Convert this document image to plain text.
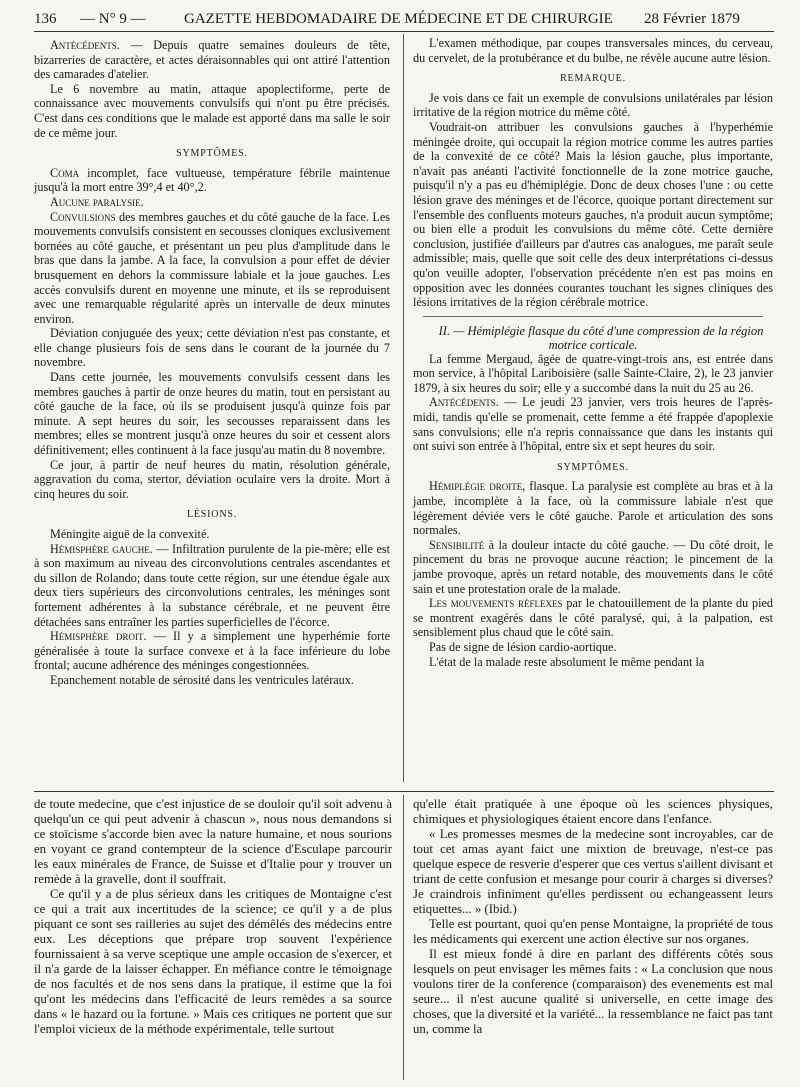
136 — N° 9 —	GAZETTE HEBDOMADAIRE DE MÉDECINE ET DE CHIRURGIE 28 Février 1879

Antécédents. — Depuis quatre semaines douleurs de tête, bizarreries de caractère, et actes déraisonnables qui ont attiré l'attention des camarades d'atelier.

Le 6 novembre au matin, attaque apoplectiforme, perte de connaissance avec mouvements convulsifs qui n'ont pu être précisés. C'est dans ces conditions que le malade est apporté dans ma salle le soir de ce même jour.

SYMPTÔMES.

Coma incomplet, face vultueuse, température fébrile maintenue jusqu'à la mort entre 39°,4 et 40°,2.

Aucune paralysie.

Convulsions des membres gauches et du côté gauche de la face. Les mouvements convulsifs consistent en secousses cloniques exclusivement bornées au côté gauche, et présentant un peu plus d'amplitude dans le bras que dans la jambe. A la face, la convulsion a pour effet de dévier brusquement en dehors la commissure labiale et la joue gauches. Les accès convulsifs durent en moyenne une minute, et ils se reproduisent avec une remarquable régularité après un intervalle de deux minutes environ.

Déviation conjuguée des yeux; cette déviation n'est pas constante, et elle change plusieurs fois de sens dans le courant de la journée du 7 novembre.

Dans cette journée, les mouvements convulsifs cessent dans les membres gauches à partir de onze heures du matin, tout en persistant au côté gauche de la face, où ils se produisent jusqu'à quinze fois par minute. A sept heures du soir, les secousses reparaissent dans les membres; elles se montrent jusqu'à onze heures du soir et cessent alors définitivement; elles continuent à la face jusqu'au matin du 8 novembre.

Ce jour, à partir de neuf heures du matin, résolution générale, aggravation du coma, stertor, déviation oculaire vers la droite. Mort à cinq heures du soir.

LÉSIONS.

Méningite aiguë de la convexité.

Hémisphère gauche. — Infiltration purulente de la pie-mère; elle est à son maximum au niveau des circonvolutions centrales ascendantes et du sillon de Rolando; dans toute cette région, sur une étendue égale aux deux tiers supérieurs des circonvolutions centrales, les méninges sont fortement adhérentes à la substance cérébrale, et ne peuvent être détachées sans entraîner les parties superficielles de l'écorce.

Hémisphère droit. — Il y a simplement une hyperhémie forte généralisée à toute la surface convexe et à la face inférieure du lobe frontal; aucune adhérence des méninges congestionnées.

Epanchement notable de sérosité dans les ventricules latéraux.

L'examen méthodique, par coupes transversales minces, du cerveau, du cervelet, de la protubérance et du bulbe, ne révèle aucune autre lésion.

REMARQUE.

Je vois dans ce fait un exemple de convulsions unilatérales par lésion irritative de la région motrice du même côté.

Voudrait-on attribuer les convulsions gauches à l'hyperhémie méningée droite, qui occupait la région motrice comme les autres parties de la convexité de ce côté? Mais la lésion gauche, plus importante, n'avait pas anéanti l'activité fonctionnelle de la zone motrice gauche, puisqu'il n'y a pas eu d'hémiplégie. Donc de deux choses l'une : ou cette lésion grave des méninges et de l'écorce, quoique portant directement sur l'ensemble des confluents moteurs gauches, n'a produit aucun symptôme; ou bien elle a produit les convulsions du même côté. Cette dernière conclusion, justifiée d'ailleurs par d'autres cas analogues, me paraît seule admissible; mais, quelle que soit celle des deux interprétations ci-dessus qu'on veuille adopter, l'observation précédente n'en est pas moins en opposition avec les données courantes touchant les signes cliniques des lésions irritatives de la région cérébrale motrice.

II. — Hémiplégie flasque du côté d'une compression de la région motrice corticale.

La femme Mergaud, âgée de quatre-vingt-trois ans, est entrée dans mon service, à l'hôpital Lariboisière (salle Sainte-Claire, 2), le 23 janvier 1879, à six heures du soir; elle y a succombé dans la nuit du 25 au 26.

Antécédents. — Le jeudi 23 janvier, vers trois heures de l'après-midi, tandis qu'elle se promenait, cette femme a été frappée d'apoplexie sans convulsions; elle n'a repris connaissance que dans les instants qui ont suivi son entrée à l'hôpital, entre six et sept heures du soir.

SYMPTÔMES.

Hémiplégie droite, flasque. La paralysie est complète au bras et à la jambe, incomplète à la face, où la commissure labiale n'est que légèrement déviée vers le côté gauche. Parole et articulation des sons normales.

Sensibilité à la douleur intacte du côté gauche. — Du côté droit, le pincement du bras ne provoque aucune réaction; le pincement de la jambe provoque, après un retard notable, des mouvements dans le côté sain et une protestation orale de la malade.

Les mouvements réflexes par le chatouillement de la plante du pied se montrent exagérés dans le côté paralysé, qui, à la palpation, est sensiblement plus chaud que le côté sain.

Pas de signe de lésion cardio-aortique.

L'état de la malade reste absolument le même pendant la

de toute medecine, que c'est injustice de se douloir qu'il soit advenu à quelqu'un ce qui peut advenir à chascun », nous nous demandons si ce stoïcisme s'accorde bien avec la nature humaine, et nous sourions en voyant ce grand contempteur de la science d'Esculape parcourir les eaux minérales de France, de Suisse et d'Italie pour y trouver un remède à la gravelle, dont il souffrait.

Ce qu'il y a de plus sérieux dans les critiques de Montaigne c'est ce qui a trait aux incertitudes de la science; ce qu'il y a de plus piquant ce sont ses railleries au sujet des démêlés des médecins entre eux. Les déceptions que prépare trop souvent l'expérience fournissaient à sa verve sceptique une ample occasion de s'exercer, et il n'a garde de la laisser échapper. En méfiance contre le témoignage de nos facultés et de nos sens dans la pratique, il estime que la foi qu'ont les médecins dans l'efficacité de leurs remèdes a sa source dans « le hazard ou la fortune. » Mais ces critiques ne portent que sur l'emploi vicieux de la méthode expérimentale, telle surtout

qu'elle était pratiquée à une époque où les sciences physiques, chimiques et physiologiques étaient encore dans l'enfance.

« Les promesses mesmes de la medecine sont incroyables, car de tout cet amas ayant faict une mixtion de breuvage, n'est-ce pas quelque espece de resverie d'esperer que ces vertus s'aillent divisant et triant de cette confusion et mesange pour courir à charges si diverses? Je craindrois infiniment qu'elles perdissent ou echangeassent leurs etiquettes... » (Ibid.)

Telle est pourtant, quoi qu'en pense Montaigne, la propriété de tous les médicaments qui exercent une action élective sur nos organes.

Il est mieux fondé à dire en parlant des différents côtés sous lesquels on peut envisager les mêmes faits : « La conclusion que nous voulons tirer de la conference (comparaison) des evenements est mal seure... il n'est aucune qualité si universelle, en cette image des choses, que la diversité et la variété... la ressemblance ne faict pas tant un, comme la
